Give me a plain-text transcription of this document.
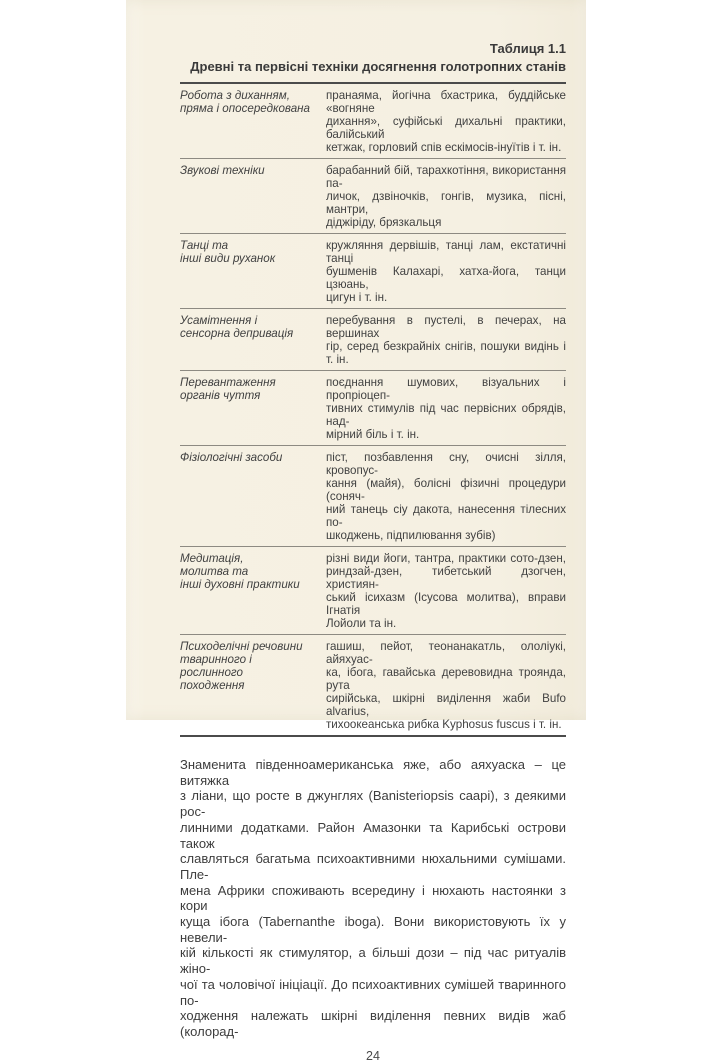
Таблиця 1.1
Древні та первісні техніки досягнення голотропних станів
Робота з диханням,
пряма і опосередкована
пранаяма, йогічна бхастрика, буддійське «вогняне
дихання», суфійські дихальні практики, балійський
кетжак, горловий спів ескімосів-інуїтів і т. ін.
Звукові техніки	барабанний бій, тарахкотіння, використання па-
личок, дзвіночків, гонгів, музика, пісні, мантри,
діджіріду, брязкальця
Танці та
інші види руханок
кружляння дервішів, танці лам, екстатичні танці
бушменів Калахарі, хатха-йога, танци цзюань,
цигун і т. ін.
Усамітнення і
сенсорна депривація
перебування в пустелі, в печерах, на вершинах
гір, серед безкрайніх снігів, пошуки видінь і т. ін.
Перевантаження
органів чуття
поєднання шумових, візуальних і пропріоцеп-
тивних стимулів під час первісних обрядів, над-
мірний біль і т. ін.
Фізіологічні засоби	піст, позбавлення сну, очисні зілля, кровопус-
кання (майя), болісні фізичні процедури (соняч-
ний танець сіу дакота, нанесення тілесних по-
шкоджень, підпилювання зубів)
Медитація,
молитва та
інші духовні практики
різні види йоги, тантра, практики сото-дзен,
риндзай-дзен, тибетський дзогчен, християн-
ський ісихазм (Ісусова молитва), вправи Ігнатія
Лойоли та ін.
Психоделічні речовини
тваринного і рослинного
походження
гашиш, пейот, теонанакатль, ололіукі, айяхуас-
ка, ібога, гавайська деревовидна троянда, рута
сирійська, шкірні виділення жаби Bufo alvarius,
тихоокеанська рибка Kyphosus fuscus і т. ін.
Знаменита південноамериканська яже, або аяхуаска – це витяжка
з ліани, що росте в джунглях (Banisteriopsis caapi), з деякими рос-
линними додатками. Район Амазонки та Карибські острови також
славляться багатьма психоактивними нюхальними сумішами. Пле-
мена Африки споживають всередину і нюхають настоянки з кори
куща ібога (Tabernanthe iboga). Вони використовують їх у невели-
кій кількості як стимулятор, а більші дози – під час ритуалів жіно-
чої та чоловічої ініціації. До психоактивних сумішей тваринного по-
ходження належать шкірні виділення певних видів жаб (колорад-
24
